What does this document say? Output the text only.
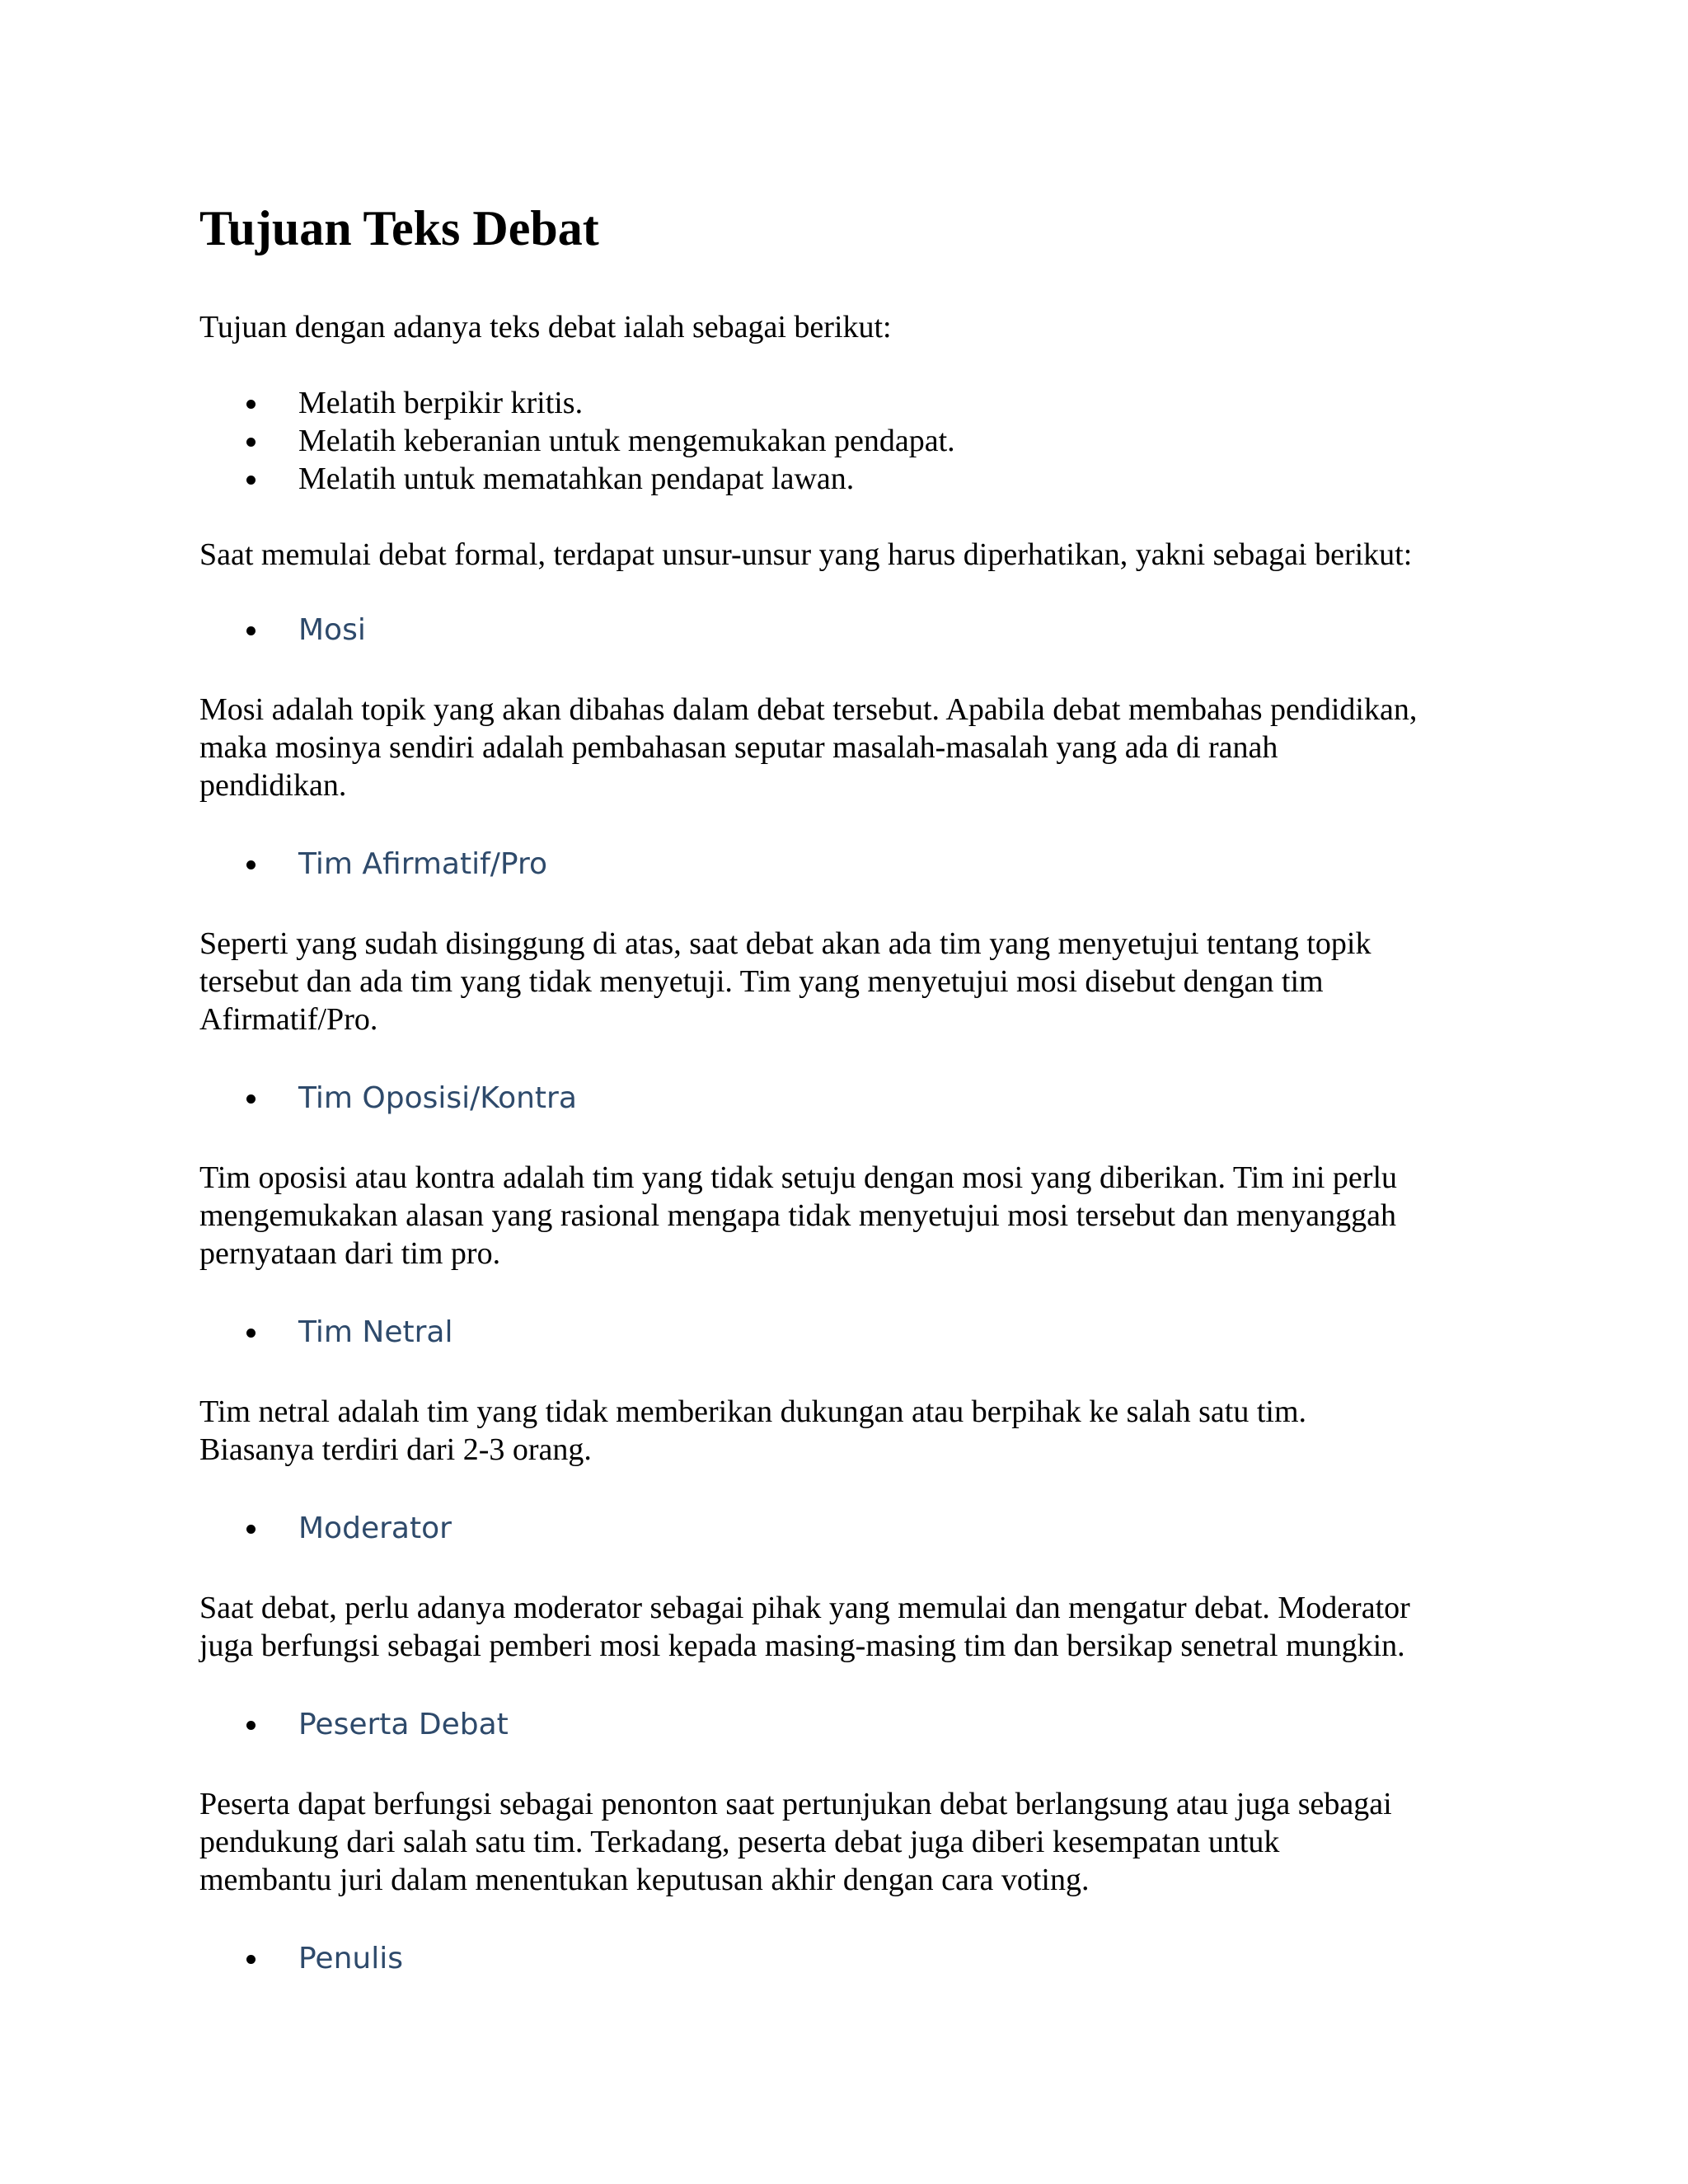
Tujuan Teks Debat

Tujuan dengan adanya teks debat ialah sebagai berikut:

Melatih berpikir kritis.
Melatih keberanian untuk mengemukakan pendapat.
Melatih untuk mematahkan pendapat lawan.

Saat memulai debat formal, terdapat unsur-unsur yang harus diperhatikan, yakni sebagai berikut:

Mosi

Mosi adalah topik yang akan dibahas dalam debat tersebut. Apabila debat membahas pendidikan,
maka mosinya sendiri adalah pembahasan seputar masalah-masalah yang ada di ranah
pendidikan.

Tim Afirmatif/Pro

Seperti yang sudah disinggung di atas, saat debat akan ada tim yang menyetujui tentang topik
tersebut dan ada tim yang tidak menyetuji. Tim yang menyetujui mosi disebut dengan tim
Afirmatif/Pro.

Tim Oposisi/Kontra

Tim oposisi atau kontra adalah tim yang tidak setuju dengan mosi yang diberikan. Tim ini perlu
mengemukakan alasan yang rasional mengapa tidak menyetujui mosi tersebut dan menyanggah
pernyataan dari tim pro.

Tim Netral

Tim netral adalah tim yang tidak memberikan dukungan atau berpihak ke salah satu tim.
Biasanya terdiri dari 2-3 orang.

Moderator

Saat debat, perlu adanya moderator sebagai pihak yang memulai dan mengatur debat. Moderator
juga berfungsi sebagai pemberi mosi kepada masing-masing tim dan bersikap senetral mungkin.

Peserta Debat

Peserta dapat berfungsi sebagai penonton saat pertunjukan debat berlangsung atau juga sebagai
pendukung dari salah satu tim. Terkadang, peserta debat juga diberi kesempatan untuk
membantu juri dalam menentukan keputusan akhir dengan cara voting.

Penulis
